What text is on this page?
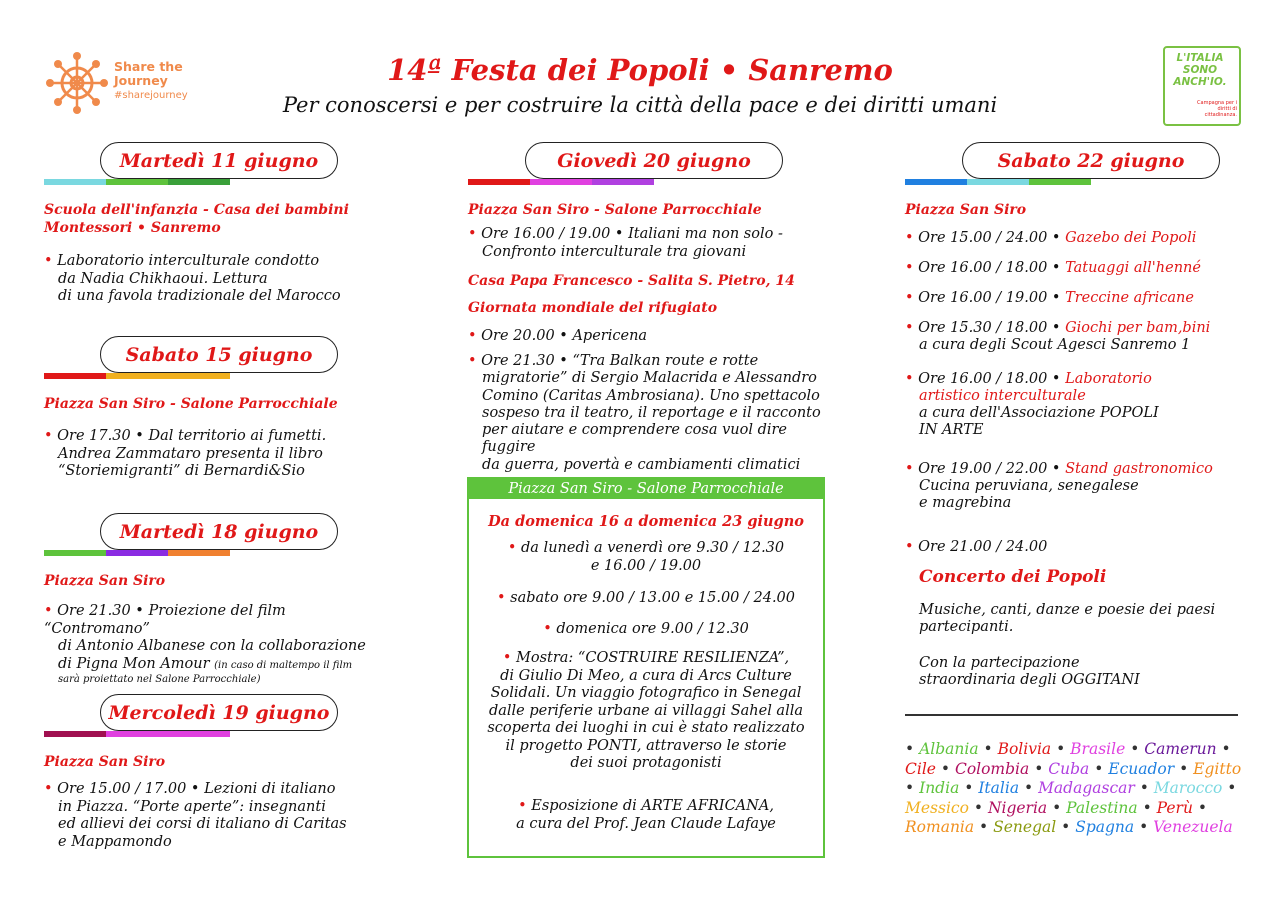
Share the
Journey
#sharejourney
L'ITALIA
SONO
ANCH'IO.
Campagna per i diritti di cittadinanza.
14ª Festa dei Popoli • Sanremo
Per conoscersi e per costruire la città della pace e dei diritti umani
Martedì 11 giugno
Scuola dell'infanzia - Casa dei bambini Montessori • Sanremo
• Laboratorio interculturale condotto
da Nadia Chikhaoui. Lettura
di una favola tradizionale del Marocco
Sabato 15 giugno
Piazza San Siro - Salone Parrocchiale
• Ore 17.30 • Dal territorio ai fumetti.
Andrea Zammataro presenta il libro
“Storiemigranti” di Bernardi&Sio
Martedì 18 giugno
Piazza San Siro
• Ore 21.30 • Proiezione del film “Contromano”
di Antonio Albanese con la collaborazione
di Pigna Mon Amour (in caso di maltempo il film
sarà proiettato nel Salone Parrocchiale)
Mercoledì 19 giugno
Piazza San Siro
• Ore 15.00 / 17.00 • Lezioni di italiano
in Piazza. “Porte aperte”: insegnanti
ed allievi dei corsi di italiano di Caritas
e Mappamondo
Giovedì 20 giugno
Piazza San Siro - Salone Parrocchiale
• Ore 16.00 / 19.00 • Italiani ma non solo -
Confronto interculturale tra giovani
Casa Papa Francesco - Salita S. Pietro, 14
Giornata mondiale del rifugiato
• Ore 20.00 • Apericena
• Ore 21.30 • “Tra Balkan route e rotte
migratorie” di Sergio Malacrida e Alessandro
Comino (Caritas Ambrosiana). Uno spettacolo
sospeso tra il teatro, il reportage e il racconto
per aiutare e comprendere cosa vuol dire fuggire
da guerra, povertà e cambiamenti climatici
Piazza San Siro - Salone Parrocchiale
Da domenica 16 a domenica 23 giugno
• da lunedì a venerdì ore 9.30 / 12.30
e 16.00 / 19.00
• sabato ore 9.00 / 13.00 e 15.00 / 24.00
• domenica ore 9.00 / 12.30
• Mostra: “COSTRUIRE RESILIENZA”,
di Giulio Di Meo, a cura di Arcs Culture
Solidali. Un viaggio fotografico in Senegal
dalle periferie urbane ai villaggi Sahel alla
scoperta dei luoghi in cui è stato realizzato
il progetto PONTI, attraverso le storie
dei suoi protagonisti
• Esposizione di ARTE AFRICANA,
a cura del Prof. Jean Claude Lafaye
Sabato 22 giugno
Piazza San Siro
• Ore 15.00 / 24.00 • Gazebo dei Popoli
• Ore 16.00 / 18.00 • Tatuaggi all'henné
• Ore 16.00 / 19.00 • Treccine africane
• Ore 15.30 / 18.00 • Giochi per bam,bini
a cura degli Scout Agesci Sanremo 1
• Ore 16.00 / 18.00 • Laboratorio
artistico interculturale
a cura dell'Associazione POPOLI
IN ARTE
• Ore 19.00 / 22.00 • Stand gastronomico
Cucina peruviana, senegalese
e magrebina
• Ore 21.00 / 24.00
Concerto dei Popoli
Musiche, canti, danze e poesie dei paesi
partecipanti.
Con la partecipazione
straordinaria degli OGGITANI
• Albania • Bolivia • Brasile • Camerun • Cile • Colombia • Cuba • Ecuador • Egitto • India • Italia • Madagascar • Marocco • Messico • Nigeria • Palestina • Perù • Romania • Senegal • Spagna • Venezuela
